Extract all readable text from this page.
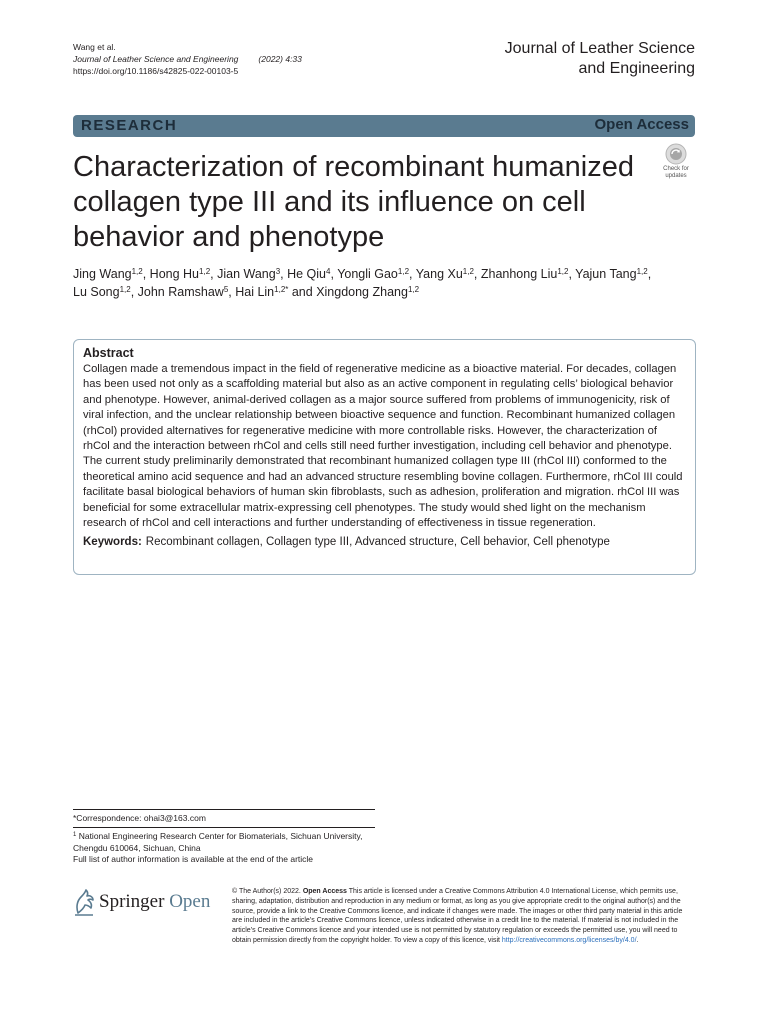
Wang et al.
Journal of Leather Science and Engineering (2022) 4:33
https://doi.org/10.1186/s42825-022-00103-5
Journal of Leather Science
and Engineering
RESEARCH	Open Access
Characterization of recombinant humanized collagen type III and its influence on cell behavior and phenotype
Check for
updates
Jing Wang$^{1,2}$, Hong Hu$^{1,2}$, Jian Wang$^3$, He Qiu$^4$, Yongli Gao$^{1,2}$, Yang Xu$^{1,2}$, Zhanhong Liu$^{1,2}$, Yajun Tang$^{1,2}$,
Lu Song$^{1,2}$, John Ramshaw$^5$, Hai Lin$^{1,2*}$ and Xingdong Zhang$^{1,2}$
Abstract

Collagen made a tremendous impact in the field of regenerative medicine as a bioactive material. For decades, collagen has been used not only as a scaffolding material but also as an active component in regulating cells’ biological behavior and phenotype. However, animal-derived collagen as a major source suffered from problems of immunogenicity, risk of viral infection, and the unclear relationship between bioactive sequence and function. Recombinant humanized collagen (rhCol) provided alternatives for regenerative medicine with more controllable risks. However, the characterization of rhCol and the interaction between rhCol and cells still need further investigation, including cell behavior and phenotype. The current study preliminarily demonstrated that recombinant humanized collagen type III (rhCol III) conformed to the theoretical amino acid sequence and had an advanced structure resembling bovine collagen. Furthermore, rhCol III could facilitate basal biological behaviors of human skin fibroblasts, such as adhesion, proliferation and migration. rhCol III was beneficial for some extracellular matrix-expressing cell phenotypes. The study would shed light on the mechanism research of rhCol and cell interactions and further understanding of effectiveness in tissue regeneration.

Keywords: Recombinant collagen, Collagen type III, Advanced structure, Cell behavior, Cell phenotype
*Correspondence: ohai3@163.com
$^1$ National Engineering Research Center for Biomaterials, Sichuan University, Chengdu 610064, Sichuan, China
Full list of author information is available at the end of the article
Springer Open	© The Author(s) 2022. Open Access This article is licensed under a Creative Commons Attribution 4.0 International License, which permits use, sharing, adaptation, distribution and reproduction in any medium or format, as long as you give appropriate credit to the original author(s) and the source, provide a link to the Creative Commons licence, and indicate if changes were made. The images or other third party material in this article are included in the article’s Creative Commons licence, unless indicated otherwise in a credit line to the material. If material is not included in the article’s Creative Commons licence and your intended use is not permitted by statutory regulation or exceeds the permitted use, you will need to obtain permission directly from the copyright holder. To view a copy of this licence, visit http://creativecommons.org/licenses/by/4.0/.
